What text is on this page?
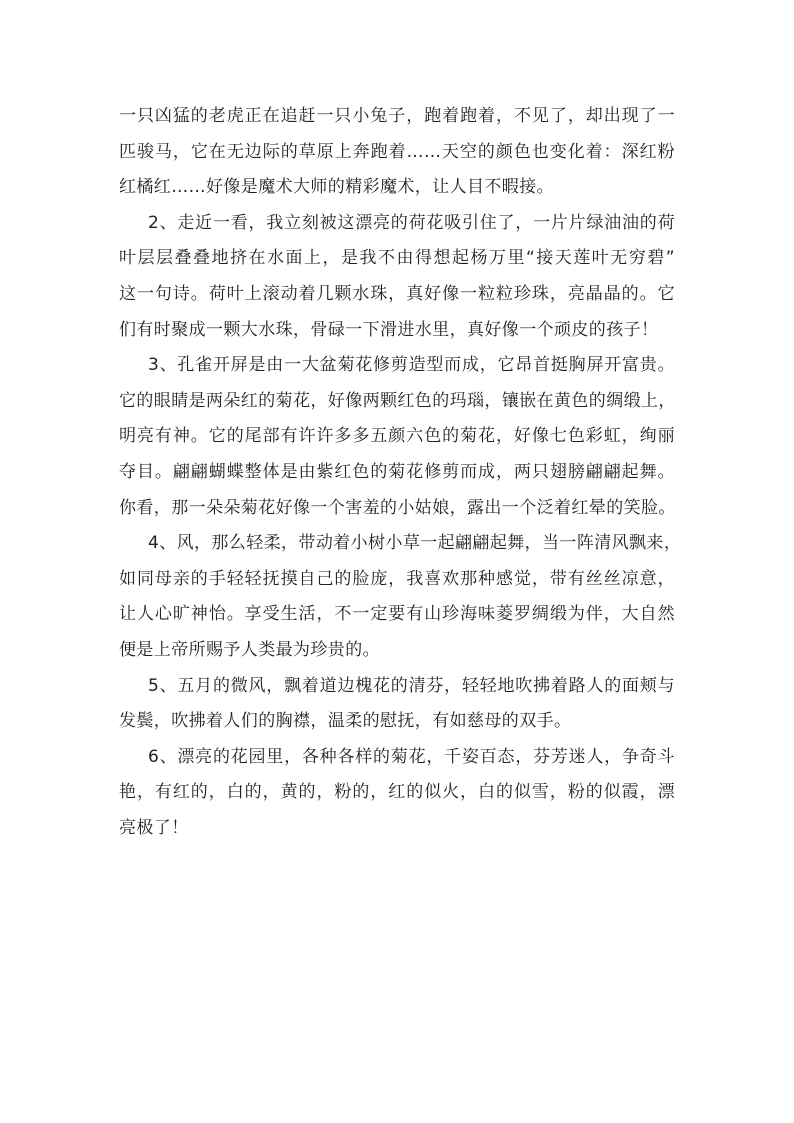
一只凶猛的老虎正在追赶一只小兔子，跑着跑着，不见了，却出现了一
匹骏马，它在无边际的草原上奔跑着……天空的颜色也变化着：深红粉
红橘红……好像是魔术大师的精彩魔术，让人目不暇接。
2、走近一看，我立刻被这漂亮的荷花吸引住了，一片片绿油油的荷
叶层层叠叠地挤在水面上，是我不由得想起杨万里“接天莲叶无穷碧”
这一句诗。荷叶上滚动着几颗水珠，真好像一粒粒珍珠，亮晶晶的。它
们有时聚成一颗大水珠，骨碌一下滑进水里，真好像一个顽皮的孩子！
3、孔雀开屏是由一大盆菊花修剪造型而成，它昂首挺胸屏开富贵。
它的眼睛是两朵红的菊花，好像两颗红色的玛瑙，镶嵌在黄色的绸缎上，
明亮有神。它的尾部有许许多多五颜六色的菊花，好像七色彩虹，绚丽
夺目。翩翩蝴蝶整体是由紫红色的菊花修剪而成，两只翅膀翩翩起舞。
你看，那一朵朵菊花好像一个害羞的小姑娘，露出一个泛着红晕的笑脸。
4、风，那么轻柔，带动着小树小草一起翩翩起舞，当一阵清风飘来，
如同母亲的手轻轻抚摸自己的脸庞，我喜欢那种感觉，带有丝丝凉意，
让人心旷神怡。享受生活，不一定要有山珍海味菱罗绸缎为伴，大自然
便是上帝所赐予人类最为珍贵的。
5、五月的微风，飘着道边槐花的清芬，轻轻地吹拂着路人的面颊与
发鬓，吹拂着人们的胸襟，温柔的慰抚，有如慈母的双手。
6、漂亮的花园里，各种各样的菊花，千姿百态，芬芳迷人，争奇斗
艳，有红的，白的，黄的，粉的，红的似火，白的似雪，粉的似霞，漂
亮极了！
